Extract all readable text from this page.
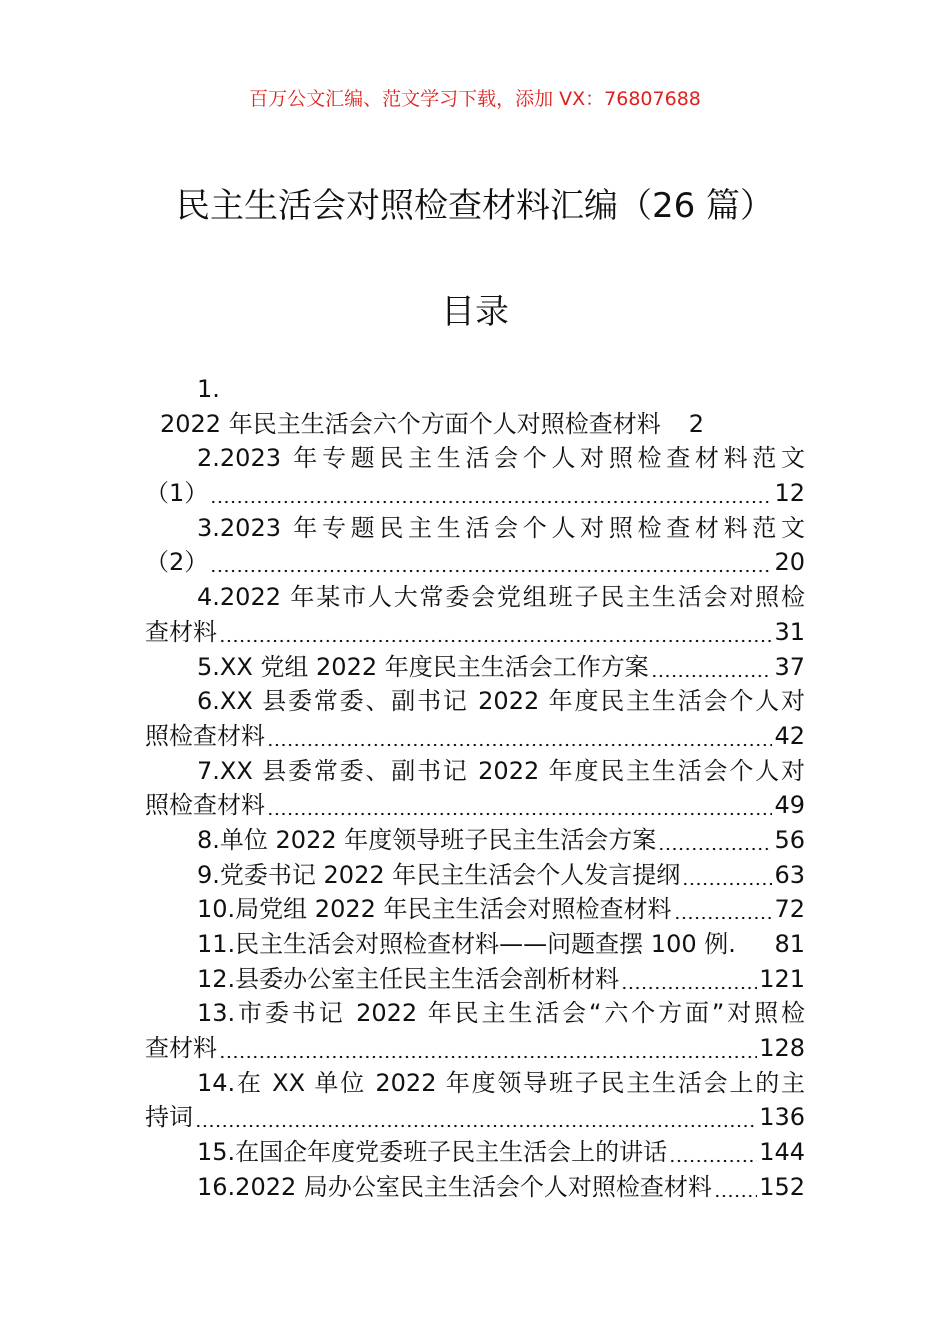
百万公文汇编、范文学习下载，添加 VX：76807688
民主生活会对照检查材料汇编（26 篇）
目录
1.
2022 年民主生活会六个方面个人对照检查材料 2
2.2023 年专题民主生活会个人对照检查材料范文
（1）	12
3.2023 年专题民主生活会个人对照检查材料范文
（2）	20
4.2022 年某市人大常委会党组班子民主生活会对照检
查材料	31
5.XX 党组 2022 年度民主生活会工作方案	37
6.XX 县委常委、副书记 2022 年度民主生活会个人对
照检查材料	42
7.XX 县委常委、副书记 2022 年度民主生活会个人对
照检查材料	49
8.单位 2022 年度领导班子民主生活会方案	56
9.党委书记 2022 年民主生活会个人发言提纲	63
10.局党组 2022 年民主生活会对照检查材料	72
11.民主生活会对照检查材料——问题查摆 100 例. 81
12.县委办公室主任民主生活会剖析材料	121
13.市委书记 2022 年民主生活会“六个方面”对照检
查材料	128
14.在 XX 单位 2022 年度领导班子民主生活会上的主
持词	136
15.在国企年度党委班子民主生活会上的讲话	144
16.2022 局办公室民主生活会个人对照检查材料 152
